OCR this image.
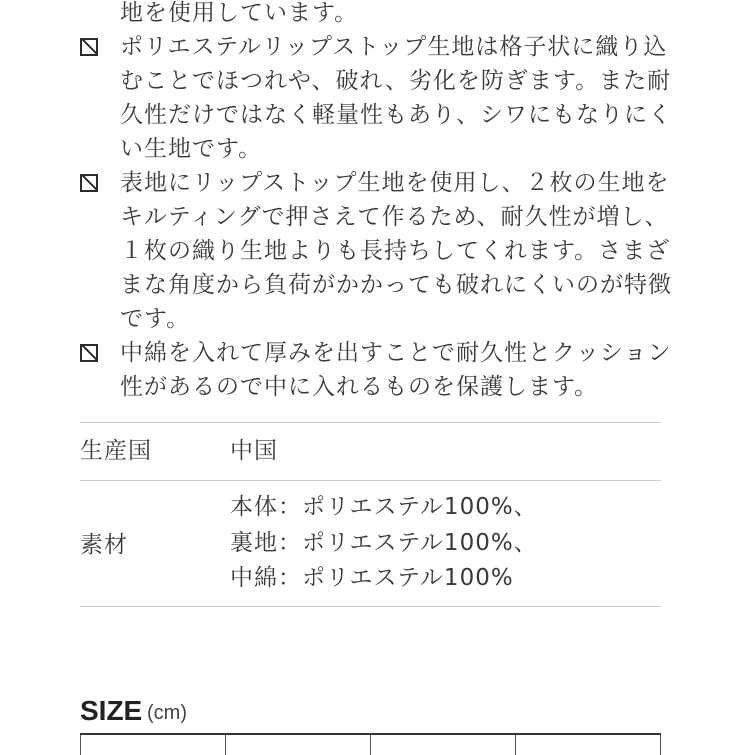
地を使用しています。
ポリエステルリップストップ生地は格子状に織り込
むことでほつれや、破れ、劣化を防ぎます。また耐
久性だけではなく軽量性もあり、シワにもなりにく
い生地です。
表地にリップストップ生地を使用し、２枚の生地を
キルティングで押さえて作るため、耐久性が増し、
１枚の織り生地よりも長持ちしてくれます。さまざ
まな角度から負荷がかかっても破れにくいのが特徴
です。
中綿を入れて厚みを出すことで耐久性とクッション
性があるので中に入れるものを保護します。
生産国	中国
素材
本体：ポリエステル100%、
裏地：ポリエステル100%、
中綿：ポリエステル100%
SIZE (cm)
